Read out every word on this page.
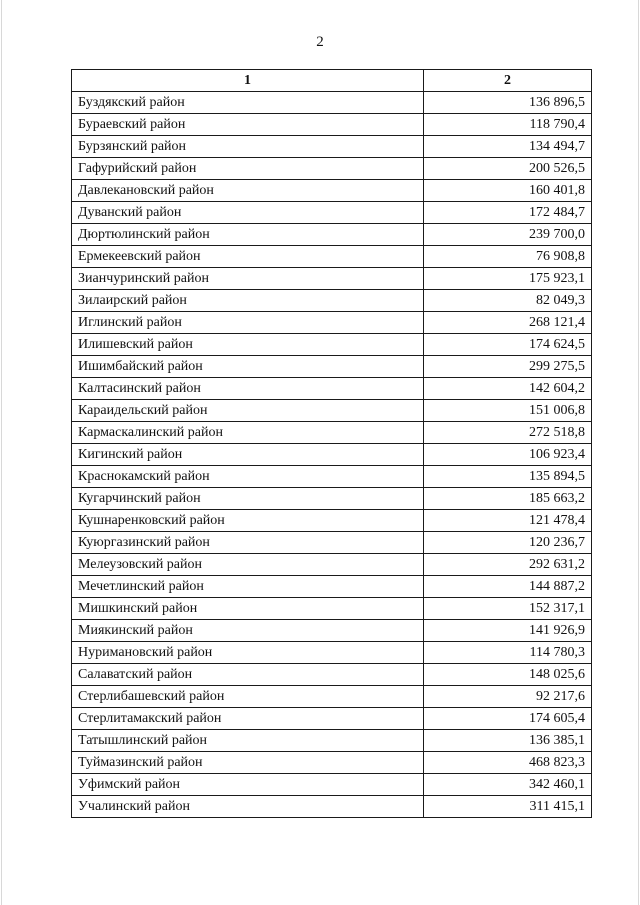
2
1	2
Буздякский район	136 896,5
Бураевский район	118 790,4
Бурзянский район	134 494,7
Гафурийский район	200 526,5
Давлекановский район	160 401,8
Дуванский район	172 484,7
Дюртюлинский район	239 700,0
Ермекеевский район	76 908,8
Зианчуринский район	175 923,1
Зилаирский район	82 049,3
Иглинский район	268 121,4
Илишевский район	174 624,5
Ишимбайский район	299 275,5
Калтасинский район	142 604,2
Караидельский район	151 006,8
Кармаскалинский район	272 518,8
Кигинский район	106 923,4
Краснокамский район	135 894,5
Кугарчинский район	185 663,2
Кушнаренковский район	121 478,4
Куюргазинский район	120 236,7
Мелеузовский район	292 631,2
Мечетлинский район	144 887,2
Мишкинский район	152 317,1
Миякинский район	141 926,9
Нуримановский район	114 780,3
Салаватский район	148 025,6
Стерлибашевский район	92 217,6
Стерлитамакский район	174 605,4
Татышлинский район	136 385,1
Туймазинский район	468 823,3
Уфимский район	342 460,1
Учалинский район	311 415,1
